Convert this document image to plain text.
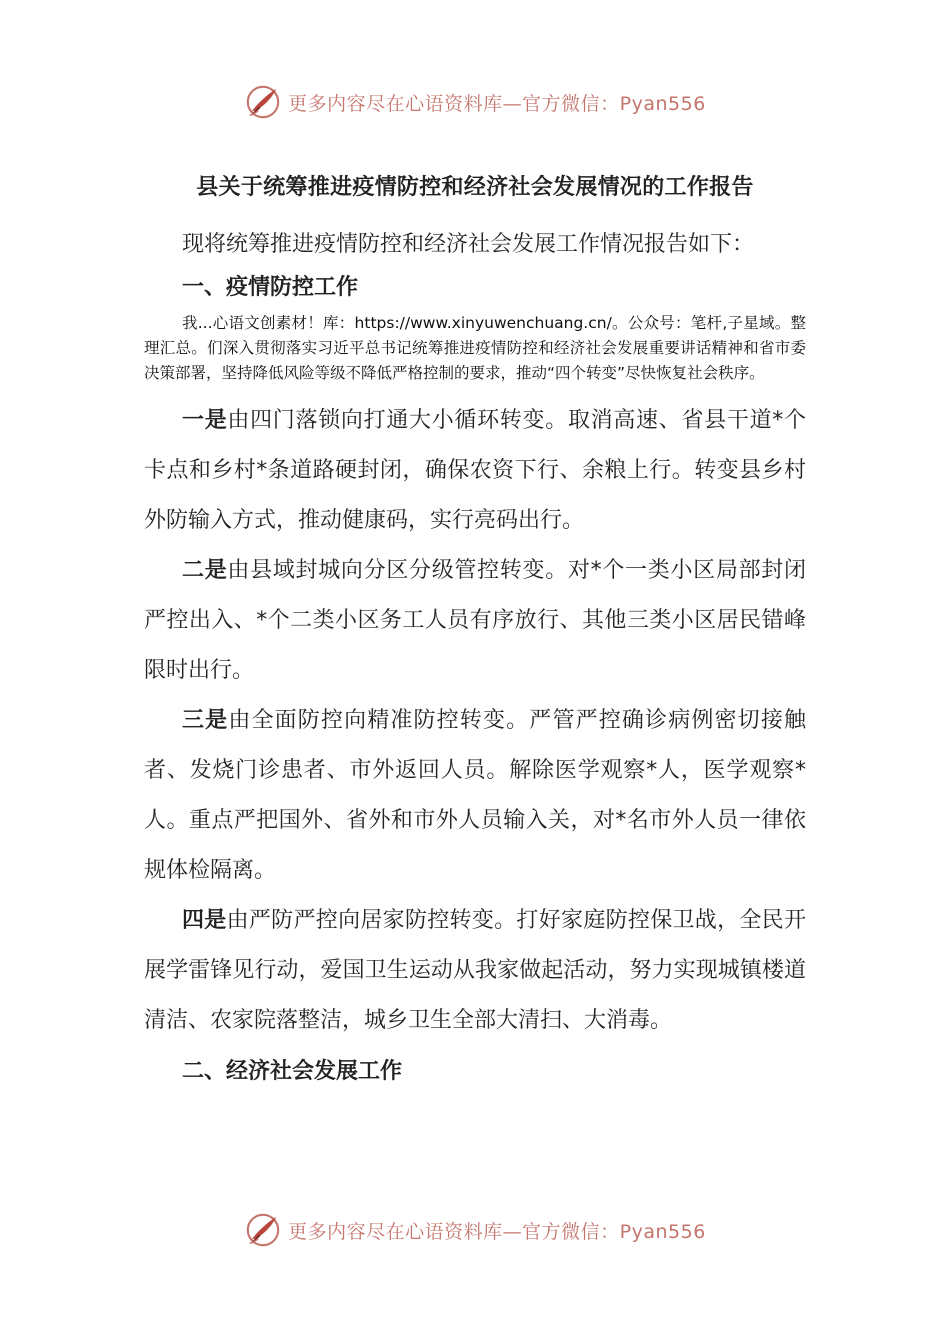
更多内容尽在心语资料库—官方微信：Pyan556
县关于统筹推进疫情防控和经济社会发展情况的工作报告

现将统筹推进疫情防控和经济社会发展工作情况报告如下：

一、疫情防控工作

我...心语文创素材！库：https://www.xinyuwenchuang.cn/。公众号：笔杆,子星域。整理汇总。们深入贯彻落实习近平总书记统筹推进疫情防控和经济社会发展重要讲话精神和省市委决策部署，坚持降低风险等级不降低严格控制的要求，推动“四个转变”尽快恢复社会秩序。

一是由四门落锁向打通大小循环转变。取消高速、省县干道*个卡点和乡村*条道路硬封闭，确保农资下行、余粮上行。转变县乡村外防输入方式，推动健康码，实行亮码出行。

二是由县域封城向分区分级管控转变。对*个一类小区局部封闭严控出入、*个二类小区务工人员有序放行、其他三类小区居民错峰限时出行。

三是由全面防控向精准防控转变。严管严控确诊病例密切接触者、发烧门诊患者、市外返回人员。解除医学观察*人，医学观察*人。重点严把国外、省外和市外人员输入关，对*名市外人员一律依规体检隔离。

四是由严防严控向居家防控转变。打好家庭防控保卫战，全民开展学雷锋见行动，爱国卫生运动从我家做起活动，努力实现城镇楼道清洁、农家院落整洁，城乡卫生全部大清扫、大消毒。

二、经济社会发展工作
更多内容尽在心语资料库—官方微信：Pyan556
